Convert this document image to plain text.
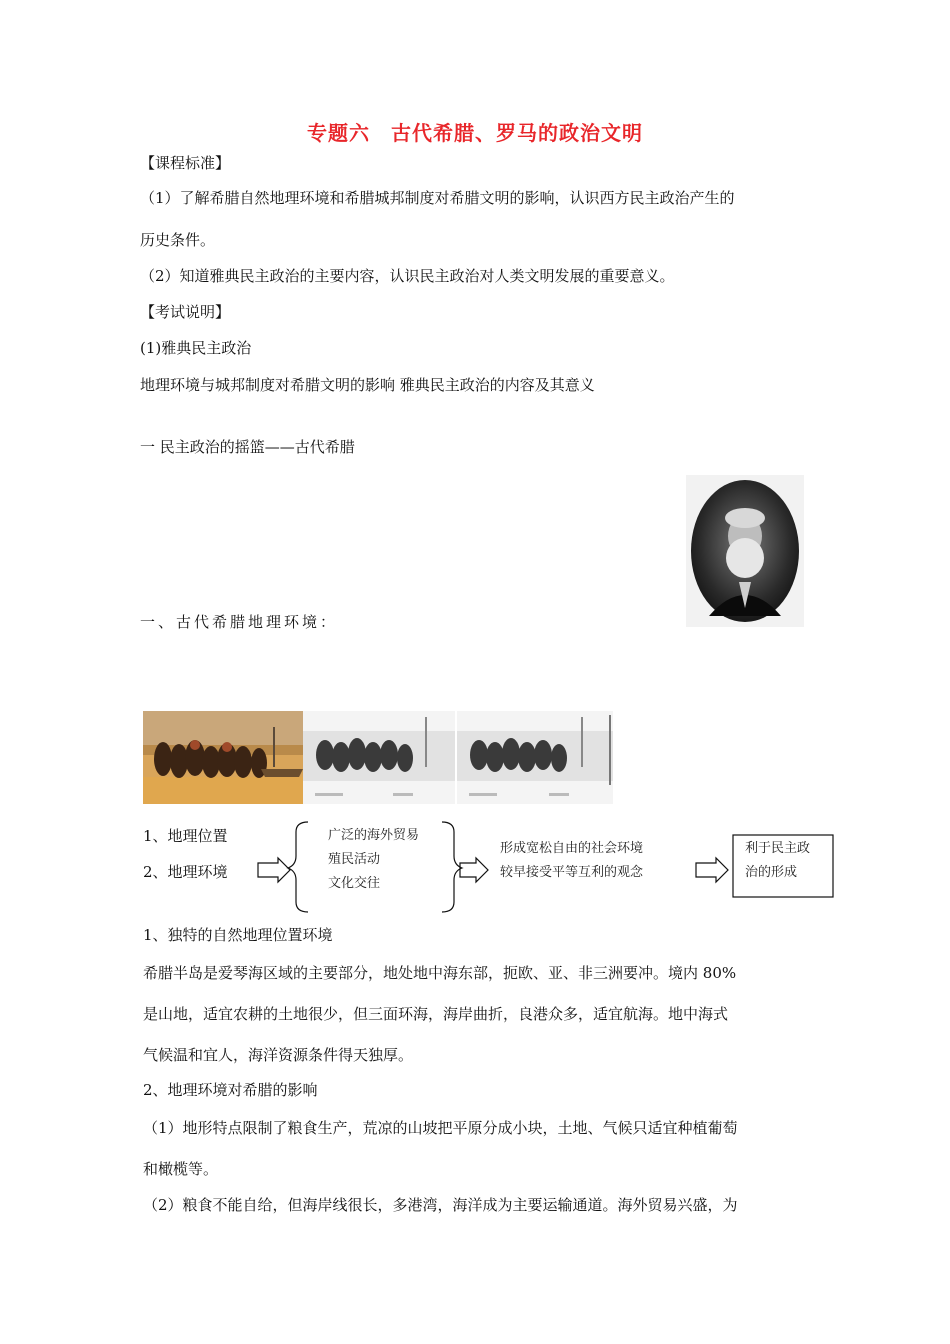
专题六　古代希腊、罗马的政治文明
【课程标准】
（1）了解希腊自然地理环境和希腊城邦制度对希腊文明的影响，认识西方民主政治产生的
历史条件。
（2）知道雅典民主政治的主要内容，认识民主政治对人类文明发展的重要意义。
【考试说明】
(1)雅典民主政治
地理环境与城邦制度对希腊文明的影响 雅典民主政治的内容及其意义
一 民主政治的摇篮——古代希腊
一、古代希腊地理环境：
1、地理位置
2、地理环境
广泛的海外贸易
殖民活动
文化交往
形成宽松自由的社会环境
较早接受平等互利的观念
利于民主政
治的形成
1、独特的自然地理位置环境
希腊半岛是爱琴海区域的主要部分，地处地中海东部，扼欧、亚、非三洲要冲。境内 80%
是山地，适宜农耕的土地很少，但三面环海，海岸曲折，良港众多，适宜航海。地中海式
气候温和宜人，海洋资源条件得天独厚。
2、地理环境对希腊的影响
（1）地形特点限制了粮食生产，荒凉的山坡把平原分成小块，土地、气候只适宜种植葡萄
和橄榄等。
（2）粮食不能自给，但海岸线很长，多港湾，海洋成为主要运输通道。海外贸易兴盛，为
